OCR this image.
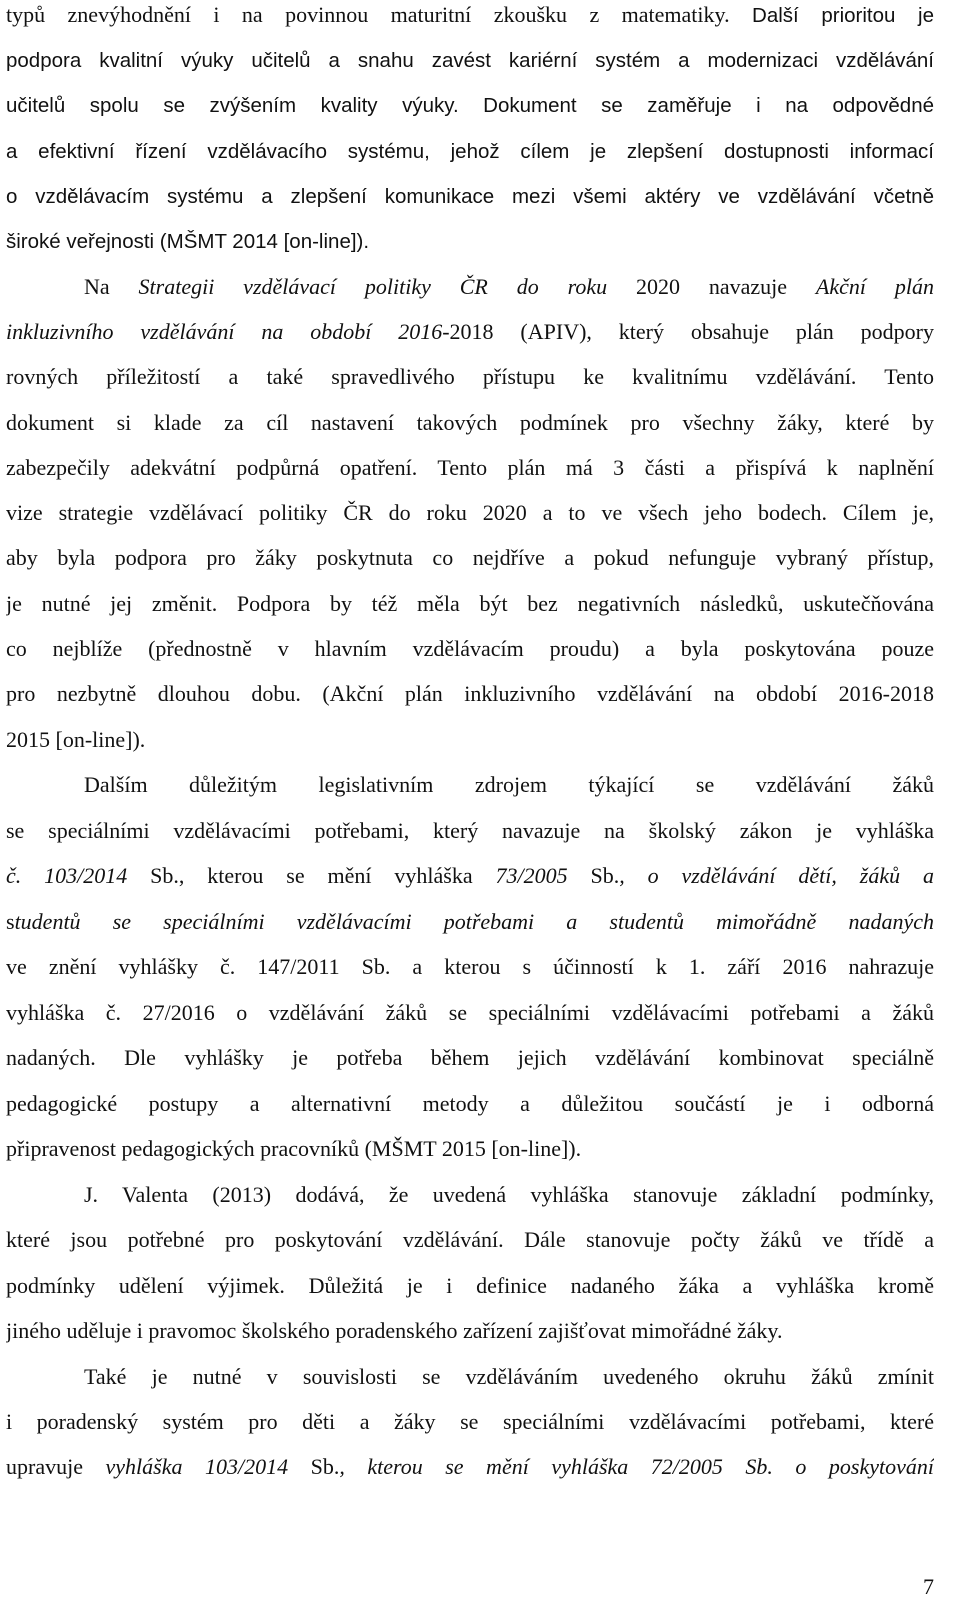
typů znevýhodnění i na povinnou maturitní zkoušku z matematiky. Další prioritou je
podpora kvalitní výuky učitelů a snahu zavést kariérní systém a modernizaci vzdělávání
učitelů spolu se zvýšením kvality výuky. Dokument se zaměřuje i na odpovědné
a efektivní řízení vzdělávacího systému, jehož cílem je zlepšení dostupnosti informací
o vzdělávacím systému a zlepšení komunikace mezi všemi aktéry ve vzdělávání včetně
široké veřejnosti (MŠMT 2014 [on-line]).
Na Strategii vzdělávací politiky ČR do roku 2020 navazuje Akční plán
inkluzivního vzdělávání na období 2016-2018 (APIV), který obsahuje plán podpory
rovných příležitostí a také spravedlivého přístupu ke kvalitnímu vzdělávání. Tento
dokument si klade za cíl nastavení takových podmínek pro všechny žáky, které by
zabezpečily adekvátní podpůrná opatření. Tento plán má 3 části a přispívá k naplnění
vize strategie vzdělávací politiky ČR do roku 2020 a to ve všech jeho bodech. Cílem je,
aby byla podpora pro žáky poskytnuta co nejdříve a pokud nefunguje vybraný přístup,
je nutné jej změnit. Podpora by též měla být bez negativních následků, uskutečňována
co nejblíže (přednostně v hlavním vzdělávacím proudu) a byla poskytována pouze
pro nezbytně dlouhou dobu. (Akční plán inkluzivního vzdělávání na období 2016-2018
2015 [on-line]).
Dalším důležitým legislativním zdrojem týkající se vzdělávání žáků
se speciálními vzdělávacími potřebami, který navazuje na školský zákon je vyhláška
č. 103/2014 Sb., kterou se mění vyhláška 73/2005 Sb., o vzdělávání dětí, žáků a
studentů se speciálními vzdělávacími potřebami a studentů mimořádně nadaných
ve znění vyhlášky č. 147/2011 Sb. a kterou s účinností k 1. září 2016 nahrazuje
vyhláška č. 27/2016 o vzdělávání žáků se speciálními vzdělávacími potřebami a žáků
nadaných. Dle vyhlášky je potřeba během jejich vzdělávání kombinovat speciálně
pedagogické postupy a alternativní metody a důležitou součástí je i odborná
připravenost pedagogických pracovníků (MŠMT 2015 [on-line]).
J. Valenta (2013) dodává, že uvedená vyhláška stanovuje základní podmínky,
které jsou potřebné pro poskytování vzdělávání. Dále stanovuje počty žáků ve třídě a
podmínky udělení výjimek. Důležitá je i definice nadaného žáka a vyhláška kromě
jiného uděluje i pravomoc školského poradenského zařízení zajišťovat mimořádné žáky.
Také je nutné v souvislosti se vzděláváním uvedeného okruhu žáků zmínit
i poradenský systém pro děti a žáky se speciálními vzdělávacími potřebami, které
upravuje vyhláška 103/2014 Sb., kterou se mění vyhláška 72/2005 Sb. o poskytování
7
